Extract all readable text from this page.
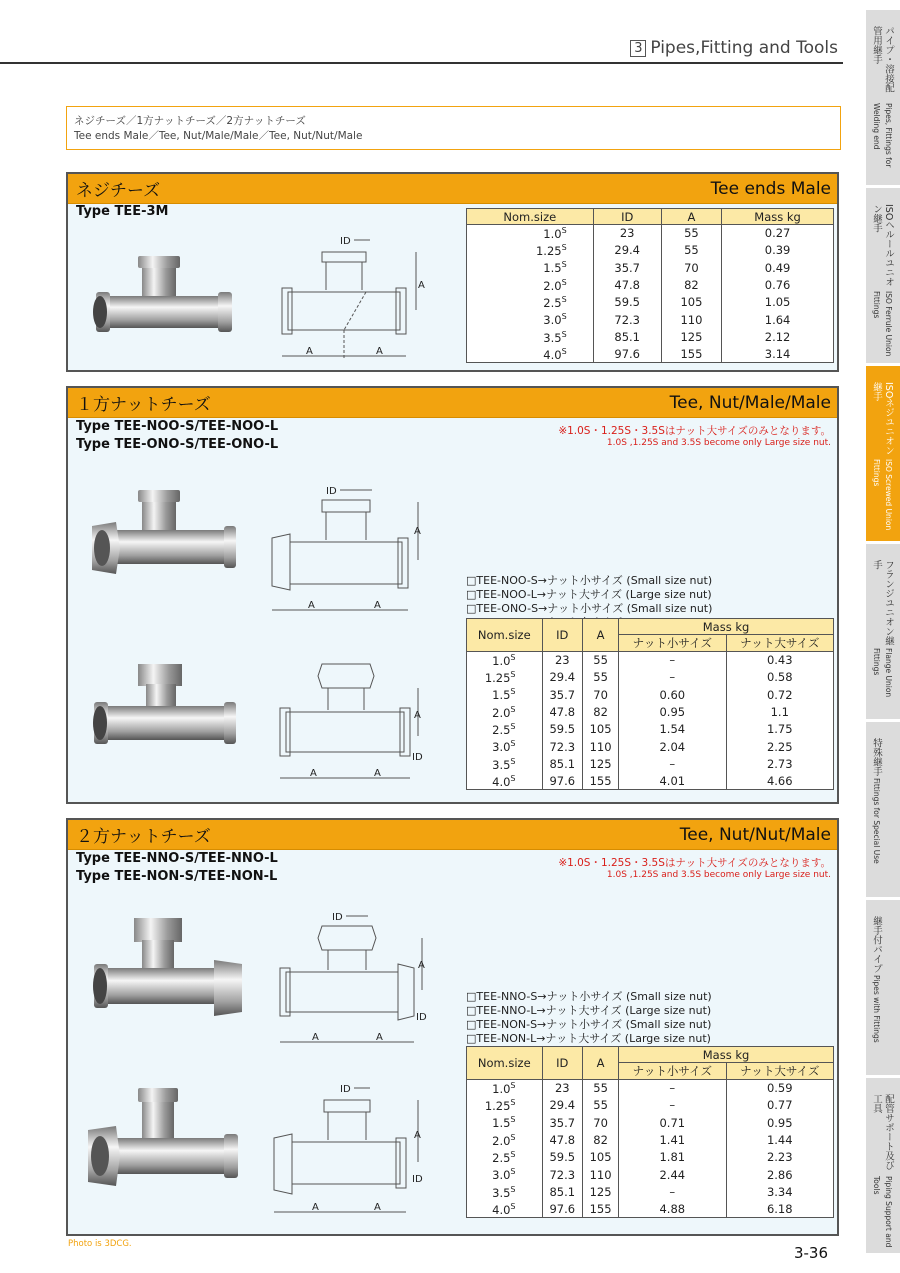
3 Pipes,Fitting and Tools
ネジチーズ／1方ナットチーズ／2方ナットチーズ
Tee ends Male／Tee, Nut/Male/Male／Tee, Nut/Nut/Male
パイプ・溶接配管用継手
Pipes, Fittings for Welding end
ISOヘルールユニオン継手
ISO Ferrule Union Fittings
ISOネジユニオン継手
ISO Screwed Union Fittings
フランジユニオン継手
Flange Union Fittings
特殊継手
Fittings for Special Use
継手付パイプ
Pipes with Fittings
配管サポート及び工具
Piping Support and Tools
ネジチーズ	Tee ends Male
Type TEE-3M
ID
A
A	A
Nom.size	ID	A	Mass kg
$1.0^S$	23	55	0.27
$1.25^S$	29.4	55	0.39
$1.5^S$	35.7	70	0.49
$2.0^S$	47.8	82	0.76
$2.5^S$	59.5	105	1.05
$3.0^S$	72.3	110	1.64
$3.5^S$	85.1	125	2.12
$4.0^S$	97.6	155	3.14
１方ナットチーズ	Tee, Nut/Male/Male
Type TEE-NOO-S/TEE-NOO-L
Type TEE-ONO-S/TEE-ONO-L
※1.0S・1.25S・3.5Sはナット大サイズのみとなります。
1.0S ,1.25S and 3.5S become only Large size nut.
ID
A
A	A
A
ID
A	A
□TEE-NOO-S→ナット小サイズ (Small size nut)
□TEE-NOO-L→ナット大サイズ (Large size nut)
□TEE-ONO-S→ナット小サイズ (Small size nut)
Nom.size	ID	A	Mass kg	
			ナット小サイズ	ナット大サイズ
$1.0^S$	23	55	–	0.43
$1.25^S$	29.4	55	–	0.58
$1.5^S$	35.7	70	0.60	0.72
$2.0^S$	47.8	82	0.95	1.1
$2.5^S$	59.5	105	1.54	1.75
$3.0^S$	72.3	110	2.04	2.25
$3.5^S$	85.1	125	–	2.73
$4.0^S$	97.6	155	4.01	4.66
２方ナットチーズ	Tee, Nut/Nut/Male
Type TEE-NNO-S/TEE-NNO-L
Type TEE-NON-S/TEE-NON-L
※1.0S・1.25S・3.5Sはナット大サイズのみとなります。
1.0S ,1.25S and 3.5S become only Large size nut.
ID
A
ID
A	A
ID
A
ID
A	A
□TEE-NNO-S→ナット小サイズ (Small size nut)
□TEE-NNO-L→ナット大サイズ (Large size nut)
□TEE-NON-S→ナット小サイズ (Small size nut)
□TEE-NON-L→ナット大サイズ (Large size nut)
Nom.size	ID	A	Mass kg	
			ナット小サイズ	ナット大サイズ
$1.0^S$	23	55	–	0.59
$1.25^S$	29.4	55	–	0.77
$1.5^S$	35.7	70	0.71	0.95
$2.0^S$	47.8	82	1.41	1.44
$2.5^S$	59.5	105	1.81	2.23
$3.0^S$	72.3	110	2.44	2.86
$3.5^S$	85.1	125	–	3.34
$4.0^S$	97.6	155	4.88	6.18
Photo is 3DCG.	3-36
